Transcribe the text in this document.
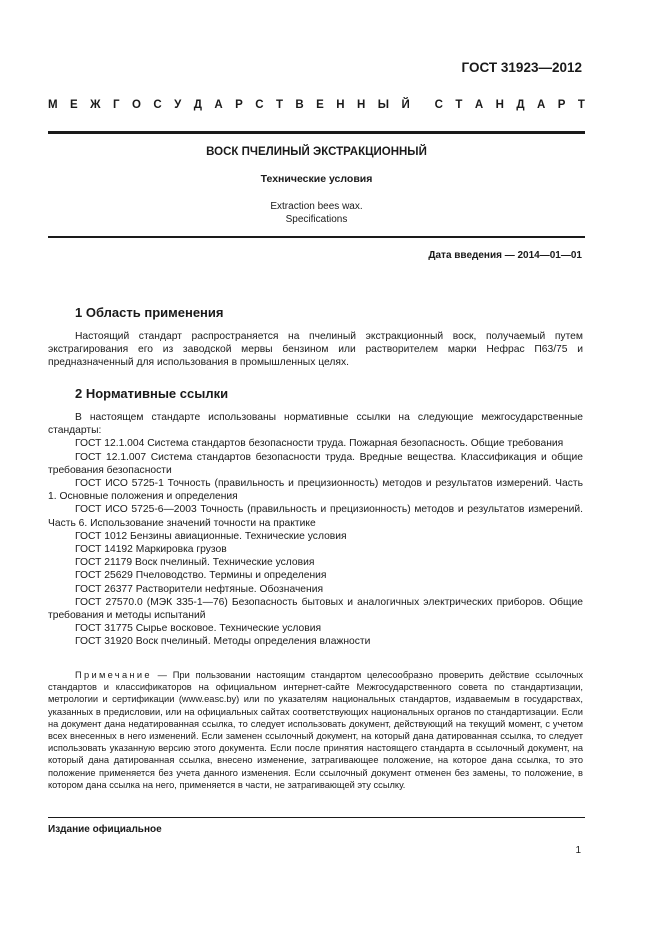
ГОСТ 31923—2012
М Е Ж Г О С У Д А Р С Т В Е Н Н Ы Й С Т А Н Д А Р Т
ВОСК ПЧЕЛИНЫЙ ЭКСТРАКЦИОННЫЙ
Технические условия
Extraction bees wax.
Specifications
Дата введения — 2014—01—01
1 Область применения

Настоящий стандарт распространяется на пчелиный экстракционный воск, получаемый путем экстрагирования его из заводской мервы бензином или растворителем марки Нефрас П63/75 и предназначенный для использования в промышленных целях.

2 Нормативные ссылки

В настоящем стандарте использованы нормативные ссылки на следующие межгосударственные стандарты:

ГОСТ 12.1.004 Система стандартов безопасности труда. Пожарная безопасность. Общие требования

ГОСТ 12.1.007 Система стандартов безопасности труда. Вредные вещества. Классификация и общие требования безопасности

ГОСТ ИСО 5725-1 Точность (правильность и прецизионность) методов и результатов измерений. Часть 1. Основные положения и определения

ГОСТ ИСО 5725-6—2003 Точность (правильность и прецизионность) методов и результатов измерений. Часть 6. Использование значений точности на практике

ГОСТ 1012 Бензины авиационные. Технические условия

ГОСТ 14192 Маркировка грузов

ГОСТ 21179 Воск пчелиный. Технические условия

ГОСТ 25629 Пчеловодство. Термины и определения

ГОСТ 26377 Растворители нефтяные. Обозначения

ГОСТ 27570.0 (МЭК 335-1—76) Безопасность бытовых и аналогичных электрических приборов. Общие требования и методы испытаний

ГОСТ 31775 Сырье восковое. Технические условия

ГОСТ 31920 Воск пчелиный. Методы определения влажности

Примечание — При пользовании настоящим стандартом целесообразно проверить действие ссылочных стандартов и классификаторов на официальном интернет-сайте Межгосударственного совета по стандартизации, метрологии и сертификации (www.easc.by) или по указателям национальных стандартов, издаваемым в государствах, указанных в предисловии, или на официальных сайтах соответствующих национальных органов по стандартизации. Если на документ дана недатированная ссылка, то следует использовать документ, действующий на текущий момент, с учетом всех внесенных в него изменений. Если заменен ссылочный документ, на который дана датированная ссылка, то следует использовать указанную версию этого документа. Если после принятия настоящего стандарта в ссылочный документ, на который дана датированная ссылка, внесено изменение, затрагивающее положение, на которое дана ссылка, то это положение применяется без учета данного изменения. Если ссылочный документ отменен без замены, то положение, в котором дана ссылка на него, применяется в части, не затрагивающей эту ссылку.
Издание официальное
1
